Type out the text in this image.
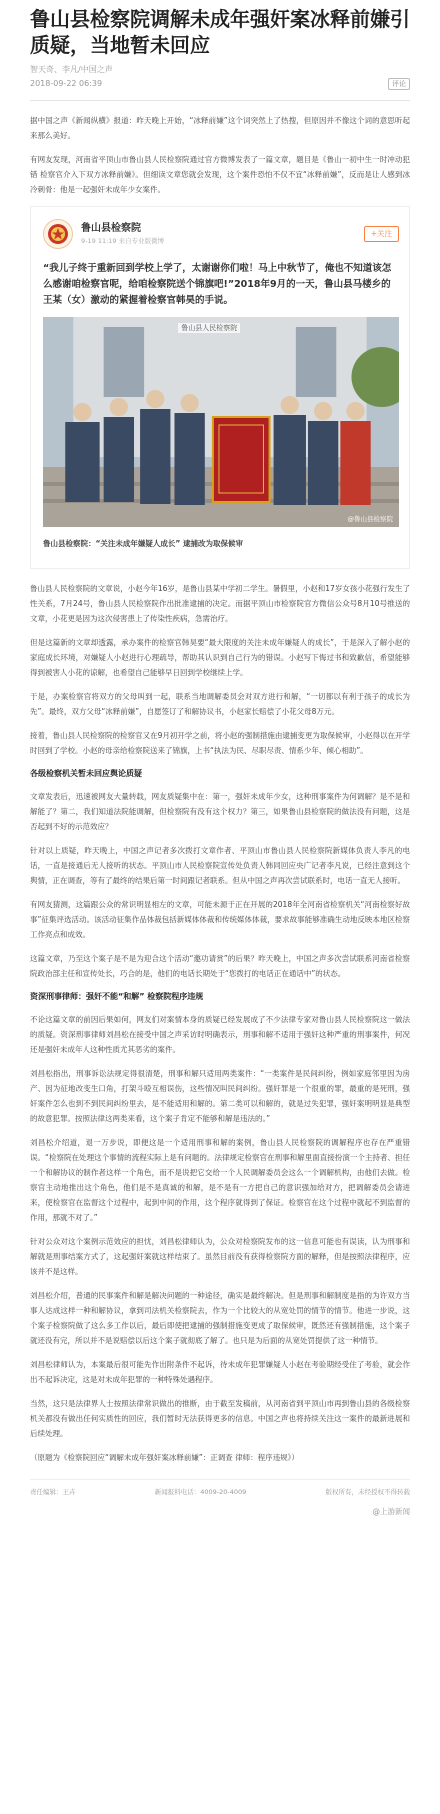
鲁山县检察院调解未成年强奸案冰释前嫌引质疑，当地暂未回应
智天奇、李凡/中国之声
2018-09-22 06:39	评论

据中国之声《新闻纵横》报道：昨天晚上开始，“冰释前嫌”这个词突然上了热搜，但原因并不像这个词的意思听起来那么美好。

有网友发现，河南省平顶山市鲁山县人民检察院通过官方微博发表了一篇文章，题目是《鲁山一初中生一时冲动犯错 检察官介入下双方冰释前嫌》。但细读文章您就会发现，这个案件恐怕不仅不宜“冰释前嫌”，反而是让人感到冰冷刺骨：他是一起强奸未成年少女案件。

鲁山县检察院
9-19 11:19 来自专业版微博
+关注
“我儿子终于重新回到学校上学了，太谢谢你们啦！马上中秋节了，俺也不知道该怎么感谢咱检察官呢，给咱检察院送个锦旗吧!”2018年9月的一天，鲁山县马楼乡的王某（女）激动的紧握着检察官韩昊的手说。
鲁山县人民检察院
@鲁山县检察院
鲁山县检察院：“关注未成年嫌疑人成长” 逮捕改为取保候审

鲁山县人民检察院的文章说，小赵今年16岁，是鲁山县某中学初二学生。暑假里，小赵和17岁女孩小花强行发生了性关系，7月24号，鲁山县人民检察院作出批准逮捕的决定。而据平顶山市检察院官方微信公众号8月10号推送的文章，小花更是因为这次侵害患上了传染性疾病，急需治疗。

但是这篇新的文章却透露，承办案件的检察官韩昊要“最大限度的关注未成年嫌疑人的成长”，于是深入了解小赵的家庭成长环境，对嫌疑人小赵进行心理疏导，帮助其认识到自己行为的错误。小赵写下悔过书和致歉信，希望能够得到被害人小花的谅解，也希望自己能够早日回到学校继续上学。

于是，办案检察官将双方的父母叫到一起，联系当地调解委员会对双方进行和解，“一切都以有利于孩子的成长为先”。最终，双方父母“冰释前嫌”，自愿签订了和解协议书，小赵家长赔偿了小花父母8万元。

接着，鲁山县人民检察院的检察官又在9月初开学之前，将小赵的强制措施由逮捕变更为取保候审，小赵得以在开学时回到了学校。小赵的母亲给检察院送来了锦旗，上书“执法为民、尽职尽责、情系少年、倾心相助”。

各级检察机关暂未回应舆论质疑

文章发表后，迅速被网友大量转载，网友质疑集中在：第一，强奸未成年少女，这种刑事案件为何调解？是不是和解能了？第二，我们知道法院能调解，但检察院有没有这个权力？第三，如果鲁山县检察院的做法没有问题，这是否起到不好的示范效应？

针对以上质疑，昨天晚上，中国之声记者多次拨打文章作者、平顶山市鲁山县人民检察院新媒体负责人李凡的电话，一直是接通后无人接听的状态。平顶山市人民检察院宣传处负责人韩同回应央广记者李凡说，已经注意到这个舆情，正在调查，等有了最终的结果后第一时间跟记者联系。但从中国之声再次尝试联系时，电话一直无人接听。

有网友猜测，这篇跟公众的常识明显相左的文章，可能未源于正在开展的2018年全河南省检察机关“河南检察好故事”征集评选活动。该活动征集作品体裁包括新媒体体裁和传统媒体体裁，要求故事能够准确生动地反映本地区检察工作亮点和成效。

这篇文章，乃至这个案子是不是为迎合这个活动“邀功请赏”的后果？昨天晚上，中国之声多次尝试联系河南省检察院政治部主任和宣传处长，巧合的是，他们的电话长期处于“您拨打的电话正在通话中”的状态。

资深刑事律师：强奸不能“和解” 检察院程序违规

不论这篇文章的前因后果如何，网友们对案情本身的质疑已经发展成了不少法律专家对鲁山县人民检察院这一做法的质疑。资深刑事律师刘昌松在接受中国之声采访时明确表示，刑事和解不适用于强奸这种严重的刑事案件，何况还是强奸未成年人这种性质尤其恶劣的案件。

刘昌松指出，刑事诉讼法规定得很清楚，刑事和解只适用两类案件：“一类案件是民间纠纷，例如家庭邻里因为房产、因为征地改变生口角，打架斗殴互相误伤，这些情况叫民间纠纷。强奸罪是一个很重的罪，最重的是死刑，强奸案件怎么也到不到民间纠纷里去，是不能适用和解的。第二类可以和解的，就是过失犯罪，强奸案明明显是典型的故意犯罪。按照法律这两类来看，这个案子肯定不能够和解是违法的。”

刘昌松介绍道，退一万步说，即便这是一个适用刑事和解的案例，鲁山县人民检察院的调解程序也存在严重错误。“检察院在处理这个事情的流程实际上是有问题的。法律规定检察官在刑事和解里面直接扮演一个主持者、担任一个和解协议的制作者这样一个角色，而不是说把它交给一个人民调解委员会这么一个调解机构，由他们去做。检察官主动地推出这个角色，他们是不是真诚的和解，是不是有一方把自己的意识强加给对方，把调解委员会请进来，使检察官在监督这个过程中，起到中间的作用，这个程序就得到了保证。检察官在这个过程中就起不到监督的作用，那就不对了。”

针对公众对这个案例示范效应的担忧，刘昌松律师认为，公众对检察院发布的这一信息可能也有误读，认为刑事和解就是刑事结案方式了，这起强奸案就这样结束了。虽然目前没有获得检察院方面的解释，但是按照法律程序，应该并不是这样。

刘昌松介绍，普通的民事案件和解是解决问题的一种途径，确实是最终解决。但是刑事和解制度是指的为许双方当事人达成这样一种和解协议，拿到司法机关检察院去，作为一个比较大的从宽处罚的情节的情节。他进一步说，这个案子检察院做了这么多工作以后，最后即使把逮捕的强制措施变更成了取保候审，既然还有强制措施，这个案子就还没有完，所以并不是说赔偿以后这个案子就彻底了解了。也只是为后面的从宽处罚提供了这一种情节。

刘昌松律师认为，本案最后很可能先作出附条件不起诉，待未成年犯罪嫌疑人小赵在考验期经受住了考验，就会作出不起诉决定，这是对未成年犯罪的一种特殊处遇程序。

当然，这只是法律界人士按照法律常识做出的推断，由于截至发稿前，从河南省到平顶山市再到鲁山县的各级检察机关都没有做出任何实质性的回应，我们暂时无法获得更多的信息。中国之声也将持续关注这一案件的最新进展和后续处理。

（原题为《检察院回应“调解未成年强奸案冰释前嫌”：正调查 律师：程序违规》）

责任编辑：王卉	新闻报料电话：4009-20-4009	版权所有，未经授权不得转载
@上游新闻
